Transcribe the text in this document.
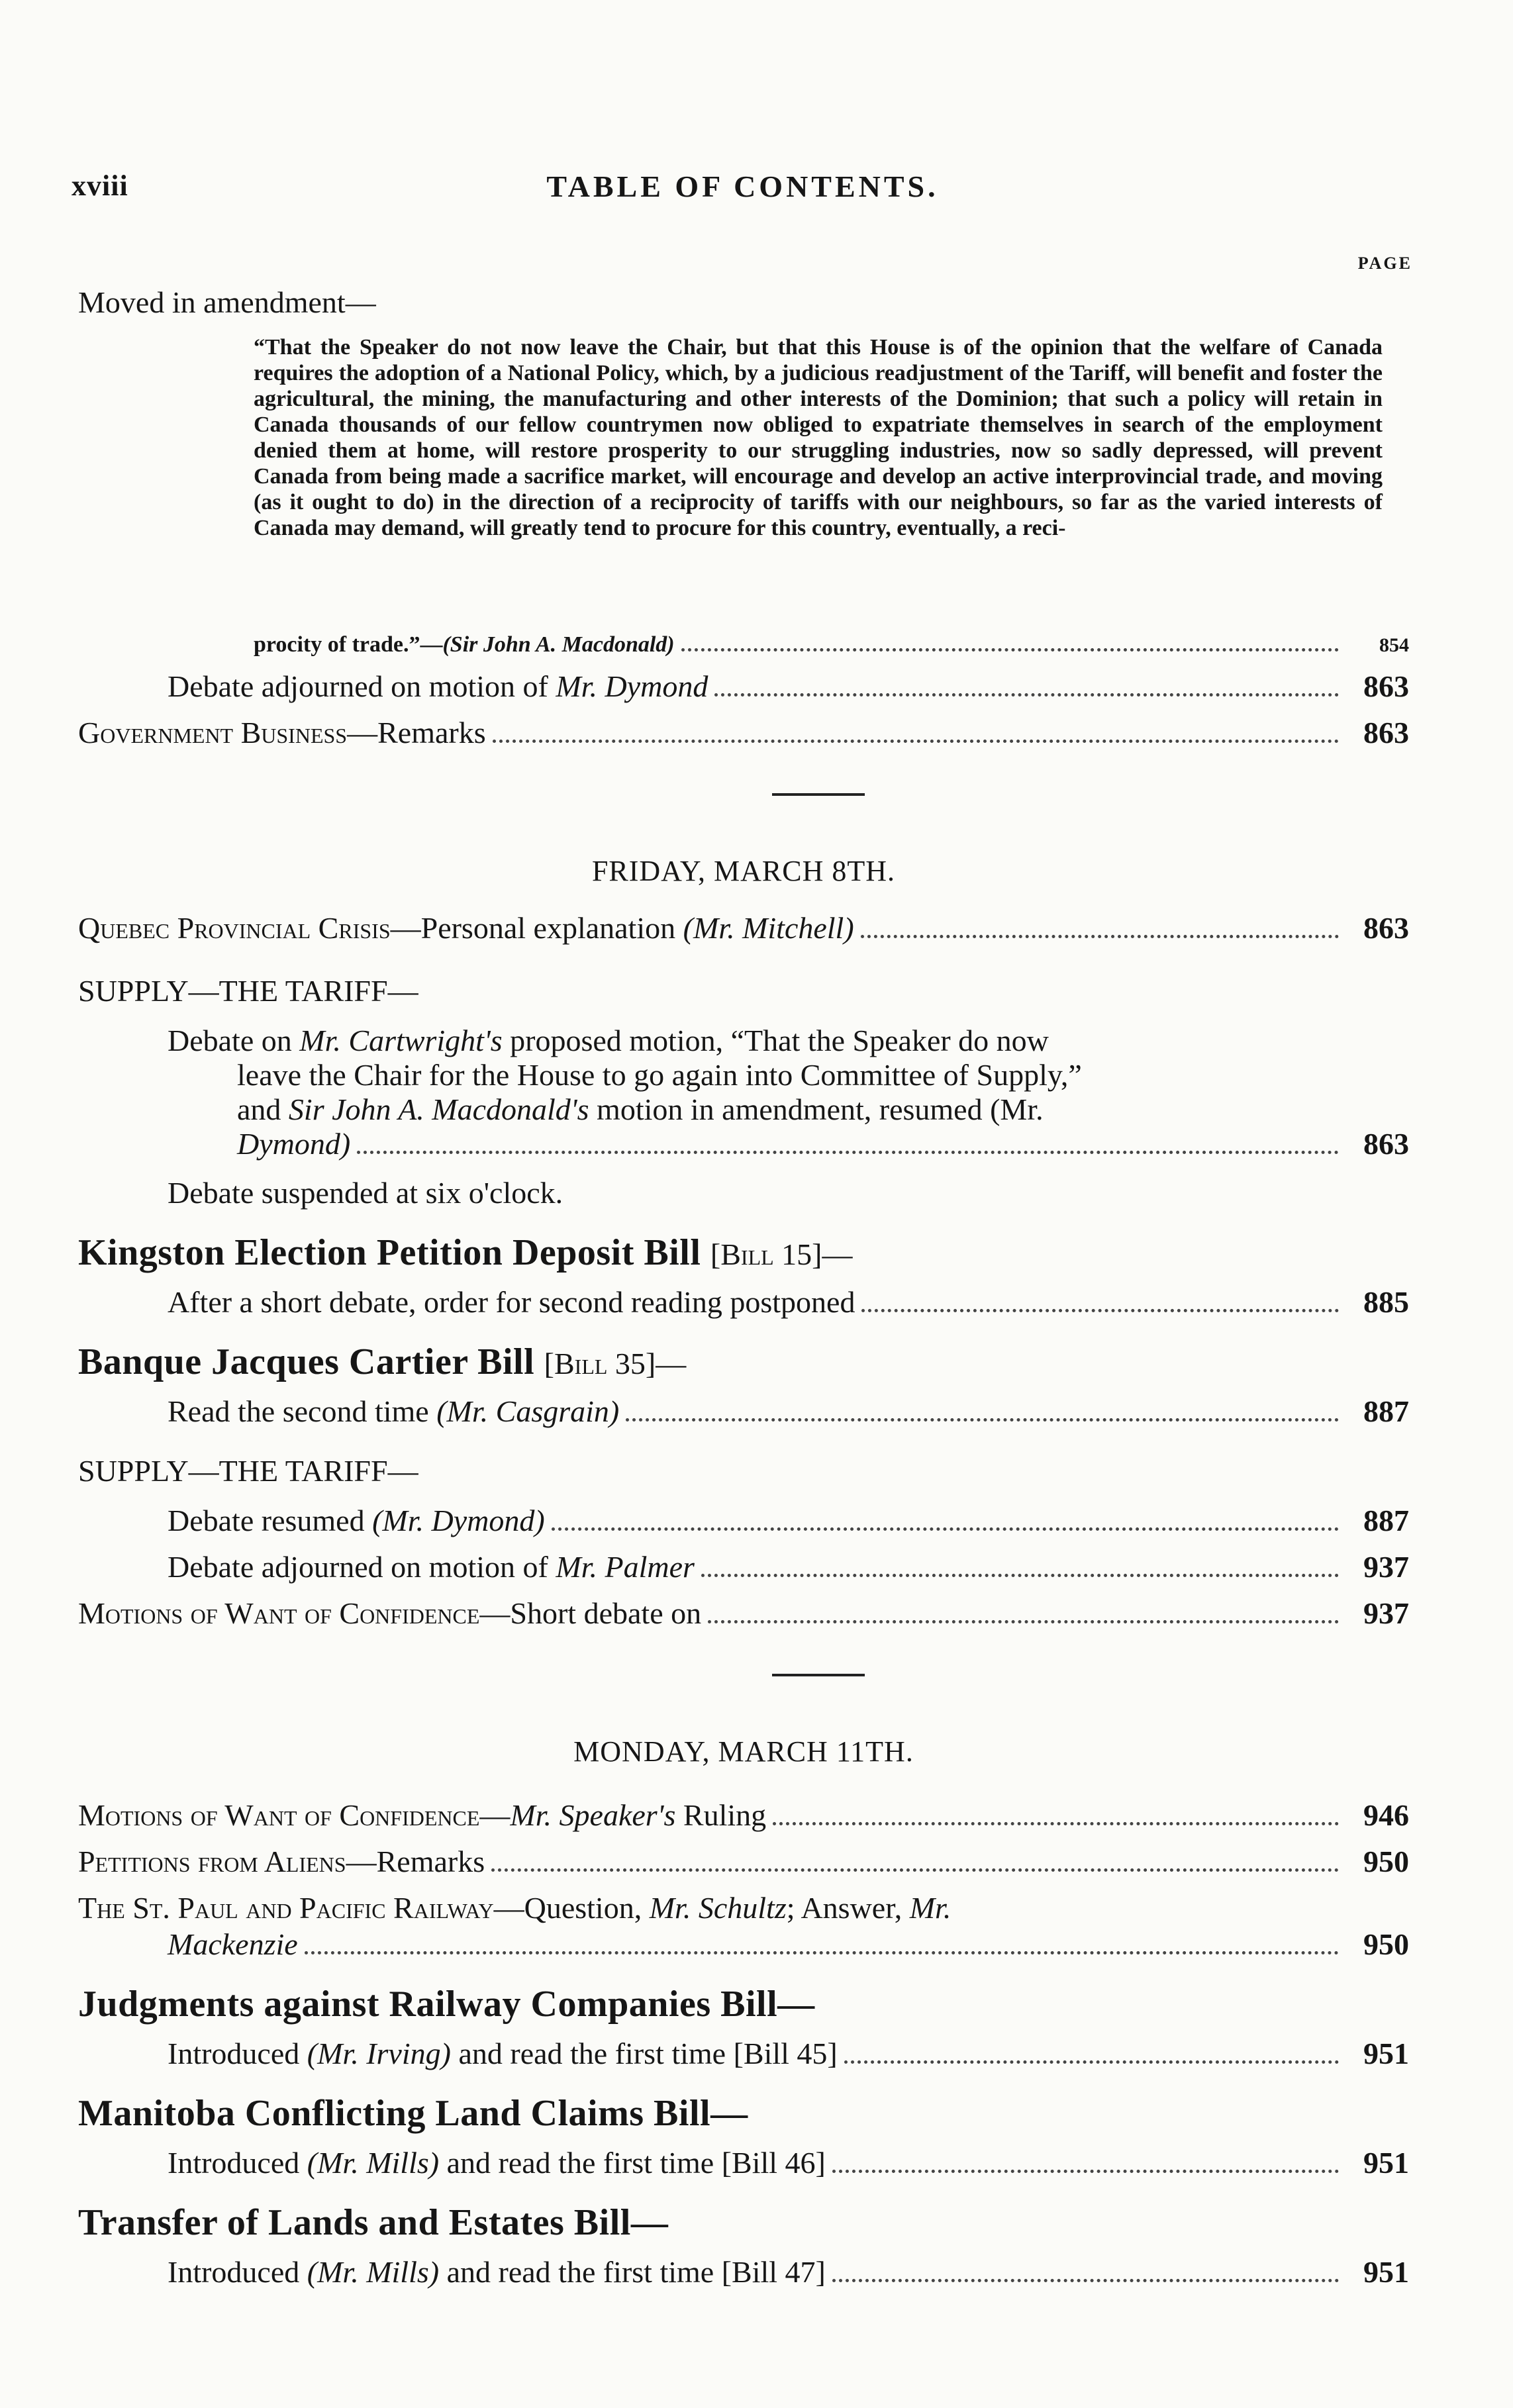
xviii	TABLE OF CONTENTS.
PAGE
Moved in amendment—
“That the Speaker do not now leave the Chair, but that this House is of the opinion that the welfare of Canada requires the adoption of a National Policy, which, by a judicious readjustment of the Tariff, will benefit and foster the agricultural, the mining, the manufacturing and other interests of the Dominion; that such a policy will retain in Canada thousands of our fellow countrymen now obliged to expatriate themselves in search of the employment denied them at home, will restore prosperity to our struggling industries, now so sadly depressed, will prevent Canada from being made a sacrifice market, will encourage and develop an active interprovincial trade, and moving (as it ought to do) in the direction of a reciprocity of tariffs with our neighbours, so far as the varied interests of Canada may demand, will greatly tend to procure for this country, eventually, a reci-
procity of trade.”—(Sir John A. Macdonald)	854
Debate adjourned on motion of Mr. Dymond	863
Government Business—Remarks	863
FRIDAY, MARCH 8TH.
Quebec Provincial Crisis—Personal explanation (Mr. Mitchell)	863
SUPPLY—THE TARIFF—
Debate on Mr. Cartwright's proposed motion, “That the Speaker do now
leave the Chair for the House to go again into Committee of Supply,”
and Sir John A. Macdonald's motion in amendment, resumed (Mr.
Dymond)	863
Debate suspended at six o'clock.
Kingston Election Petition Deposit Bill [Bill 15]—
After a short debate, order for second reading postponed	885
Banque Jacques Cartier Bill [Bill 35]—
Read the second time (Mr. Casgrain)	887
SUPPLY—THE TARIFF—
Debate resumed (Mr. Dymond)	887
Debate adjourned on motion of Mr. Palmer	937
Motions of Want of Confidence—Short debate on	937
MONDAY, MARCH 11TH.
Motions of Want of Confidence—Mr. Speaker's Ruling	946
Petitions from Aliens—Remarks	950
The St. Paul and Pacific Railway—Question, Mr. Schultz; Answer, Mr.
Mackenzie	950
Judgments against Railway Companies Bill—
Introduced (Mr. Irving) and read the first time [Bill 45]	951
Manitoba Conflicting Land Claims Bill—
Introduced (Mr. Mills) and read the first time [Bill 46]	951
Transfer of Lands and Estates Bill—
Introduced (Mr. Mills) and read the first time [Bill 47]	951
